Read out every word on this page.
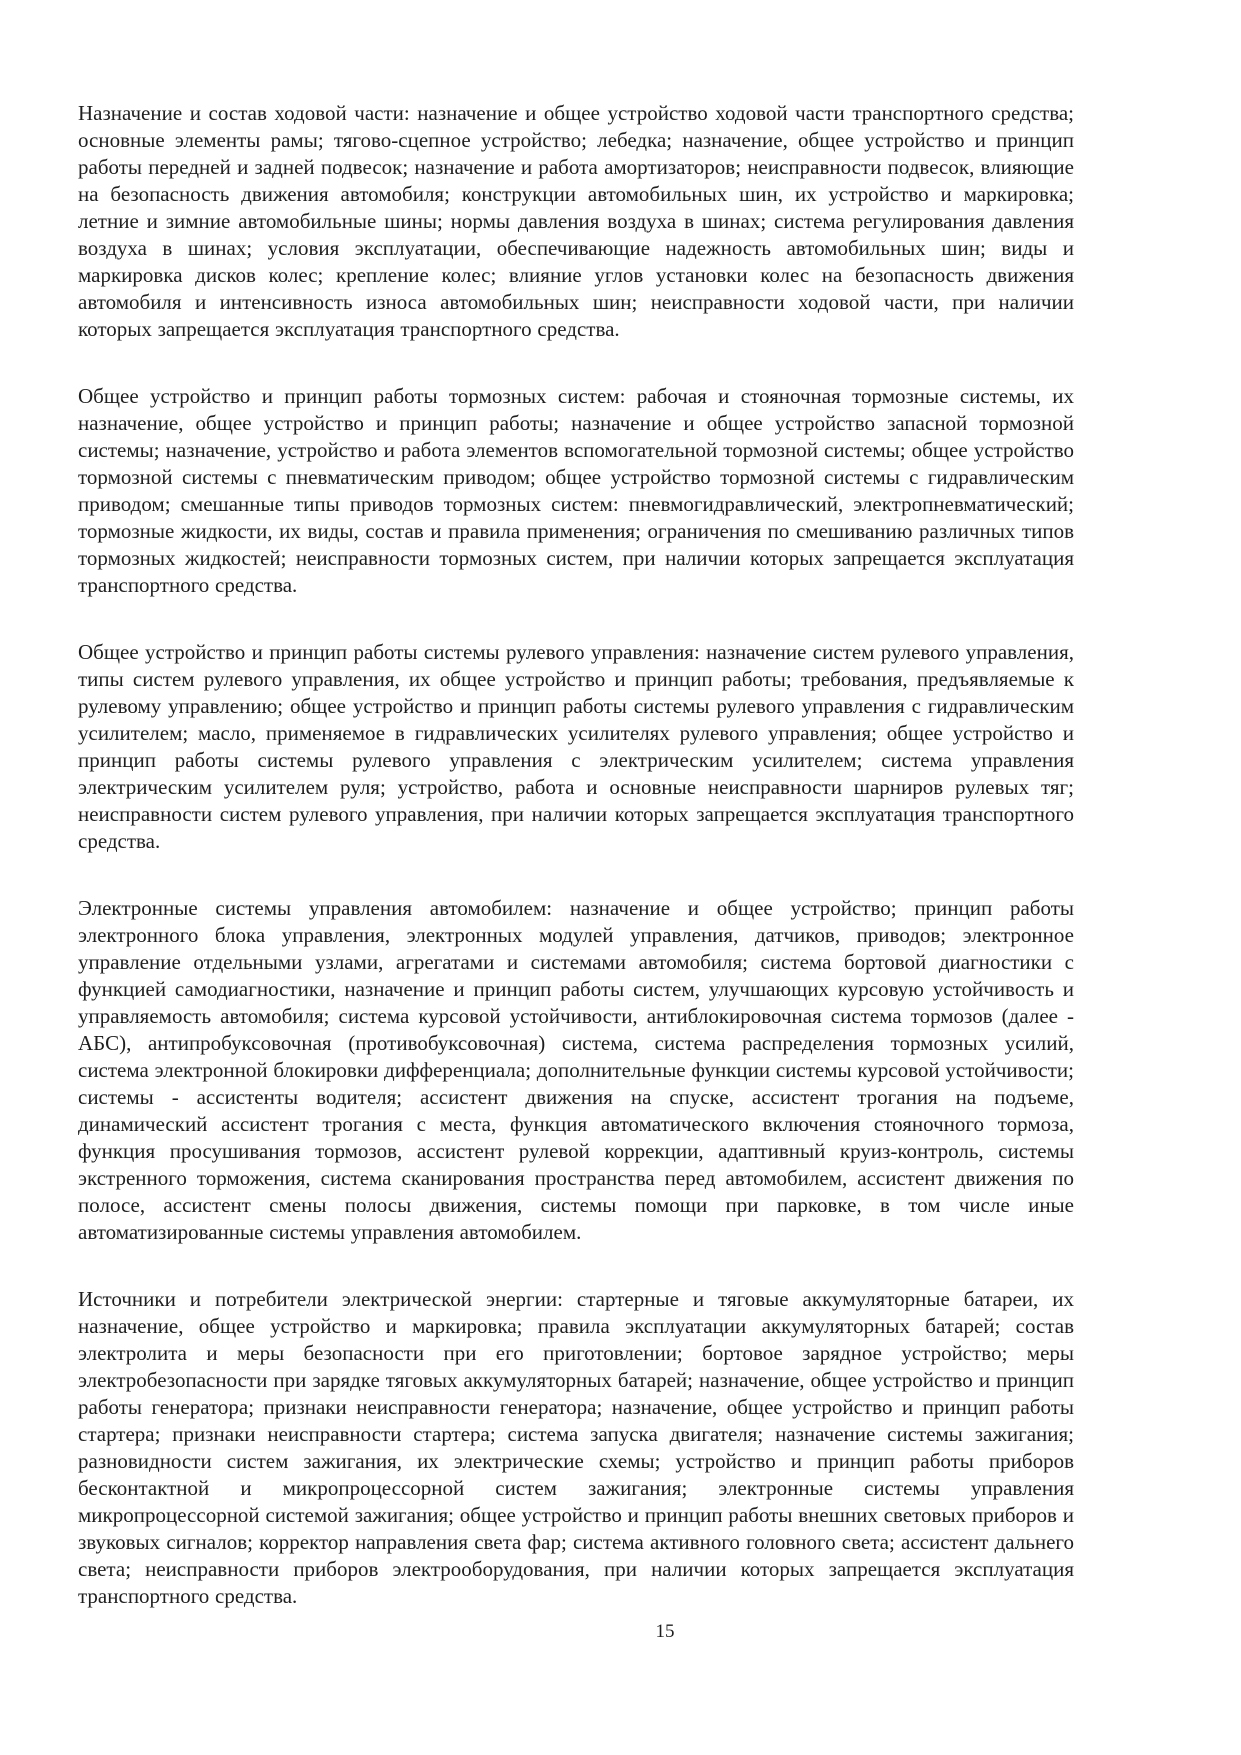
Назначение и состав ходовой части: назначение и общее устройство ходовой части транспортного средства; основные элементы рамы; тягово-сцепное устройство; лебедка; назначение, общее устройство и принцип работы передней и задней подвесок; назначение и работа амортизаторов; неисправности подвесок, влияющие на безопасность движения автомобиля; конструкции автомобильных шин, их устройство и маркировка; летние и зимние автомобильные шины; нормы давления воздуха в шинах; система регулирования давления воздуха в шинах; условия эксплуатации, обеспечивающие надежность автомобильных шин; виды и маркировка дисков колес; крепление колес; влияние углов установки колес на безопасность движения автомобиля и интенсивность износа автомобильных шин; неисправности ходовой части, при наличии которых запрещается эксплуатация транспортного средства.

Общее устройство и принцип работы тормозных систем: рабочая и стояночная тормозные системы, их назначение, общее устройство и принцип работы; назначение и общее устройство запасной тормозной системы; назначение, устройство и работа элементов вспомогательной тормозной системы; общее устройство тормозной системы с пневматическим приводом; общее устройство тормозной системы с гидравлическим приводом; смешанные типы приводов тормозных систем: пневмогидравлический, электропневматический; тормозные жидкости, их виды, состав и правила применения; ограничения по смешиванию различных типов тормозных жидкостей; неисправности тормозных систем, при наличии которых запрещается эксплуатация транспортного средства.

Общее устройство и принцип работы системы рулевого управления: назначение систем рулевого управления, типы систем рулевого управления, их общее устройство и принцип работы; требования, предъявляемые к рулевому управлению; общее устройство и принцип работы системы рулевого управления с гидравлическим усилителем; масло, применяемое в гидравлических усилителях рулевого управления; общее устройство и принцип работы системы рулевого управления с электрическим усилителем; система управления электрическим усилителем руля; устройство, работа и основные неисправности шарниров рулевых тяг; неисправности систем рулевого управления, при наличии которых запрещается эксплуатация транспортного средства.

Электронные системы управления автомобилем: назначение и общее устройство; принцип работы электронного блока управления, электронных модулей управления, датчиков, приводов; электронное управление отдельными узлами, агрегатами и системами автомобиля; система бортовой диагностики с функцией самодиагностики, назначение и принцип работы систем, улучшающих курсовую устойчивость и управляемость автомобиля; система курсовой устойчивости, антиблокировочная система тормозов (далее - АБС), антипробуксовочная (противобуксовочная) система, система распределения тормозных усилий, система электронной блокировки дифференциала; дополнительные функции системы курсовой устойчивости; системы - ассистенты водителя; ассистент движения на спуске, ассистент трогания на подъеме, динамический ассистент трогания с места, функция автоматического включения стояночного тормоза, функция просушивания тормозов, ассистент рулевой коррекции, адаптивный круиз-контроль, системы экстренного торможения, система сканирования пространства перед автомобилем, ассистент движения по полосе, ассистент смены полосы движения, системы помощи при парковке, в том числе иные автоматизированные системы управления автомобилем.

Источники и потребители электрической энергии: стартерные и тяговые аккумуляторные батареи, их назначение, общее устройство и маркировка; правила эксплуатации аккумуляторных батарей; состав электролита и меры безопасности при его приготовлении; бортовое зарядное устройство; меры электробезопасности при зарядке тяговых аккумуляторных батарей; назначение, общее устройство и принцип работы генератора; признаки неисправности генератора; назначение, общее устройство и принцип работы стартера; признаки неисправности стартера; система запуска двигателя; назначение системы зажигания; разновидности систем зажигания, их электрические схемы; устройство и принцип работы приборов бесконтактной и микропроцессорной систем зажигания; электронные системы управления микропроцессорной системой зажигания; общее устройство и принцип работы внешних световых приборов и звуковых сигналов; корректор направления света фар; система активного головного света; ассистент дальнего света; неисправности приборов электрооборудования, при наличии которых запрещается эксплуатация транспортного средства.

15
